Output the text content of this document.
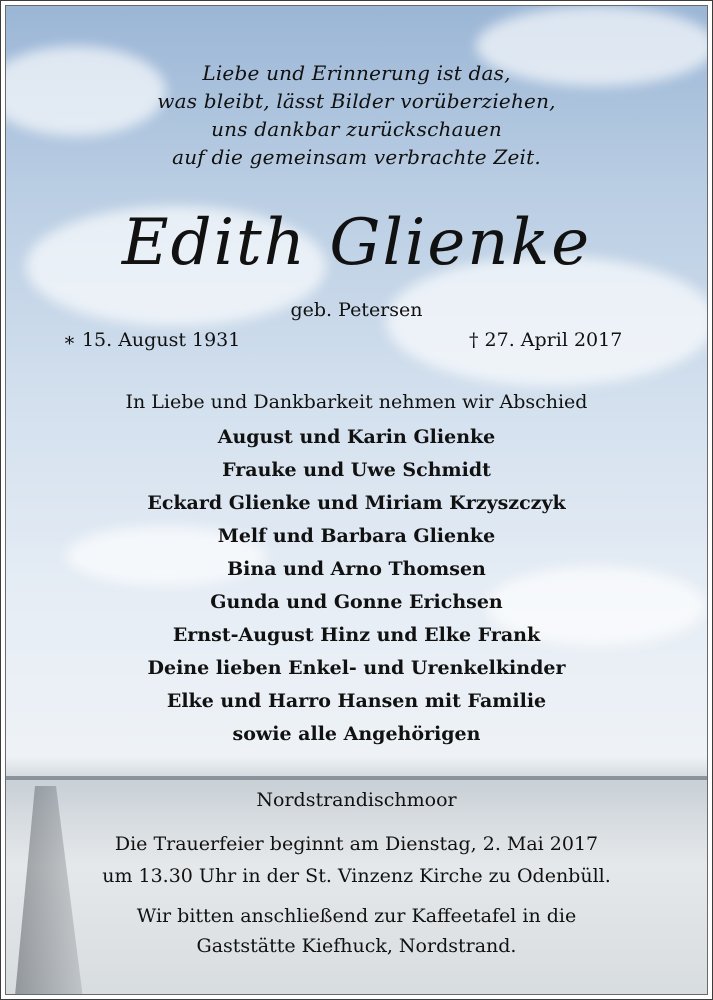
Liebe und Erinnerung ist das,
was bleibt, lässt Bilder vorüberziehen,
uns dankbar zurückschauen
auf die gemeinsam verbrachte Zeit.
Edith Glienke
geb. Petersen
∗ 15. August 1931	† 27. April 2017
In Liebe und Dankbarkeit nehmen wir Abschied
August und Karin Glienke
Frauke und Uwe Schmidt
Eckard Glienke und Miriam Krzyszczyk
Melf und Barbara Glienke
Bina und Arno Thomsen
Gunda und Gonne Erichsen
Ernst-August Hinz und Elke Frank
Deine lieben Enkel- und Urenkelkinder
Elke und Harro Hansen mit Familie
sowie alle Angehörigen
Nordstrandischmoor
Die Trauerfeier beginnt am Dienstag, 2. Mai 2017
um 13.30 Uhr in der St. Vinzenz Kirche zu Odenbüll.
Wir bitten anschließend zur Kaffeetafel in die
Gaststätte Kiefhuck, Nordstrand.
